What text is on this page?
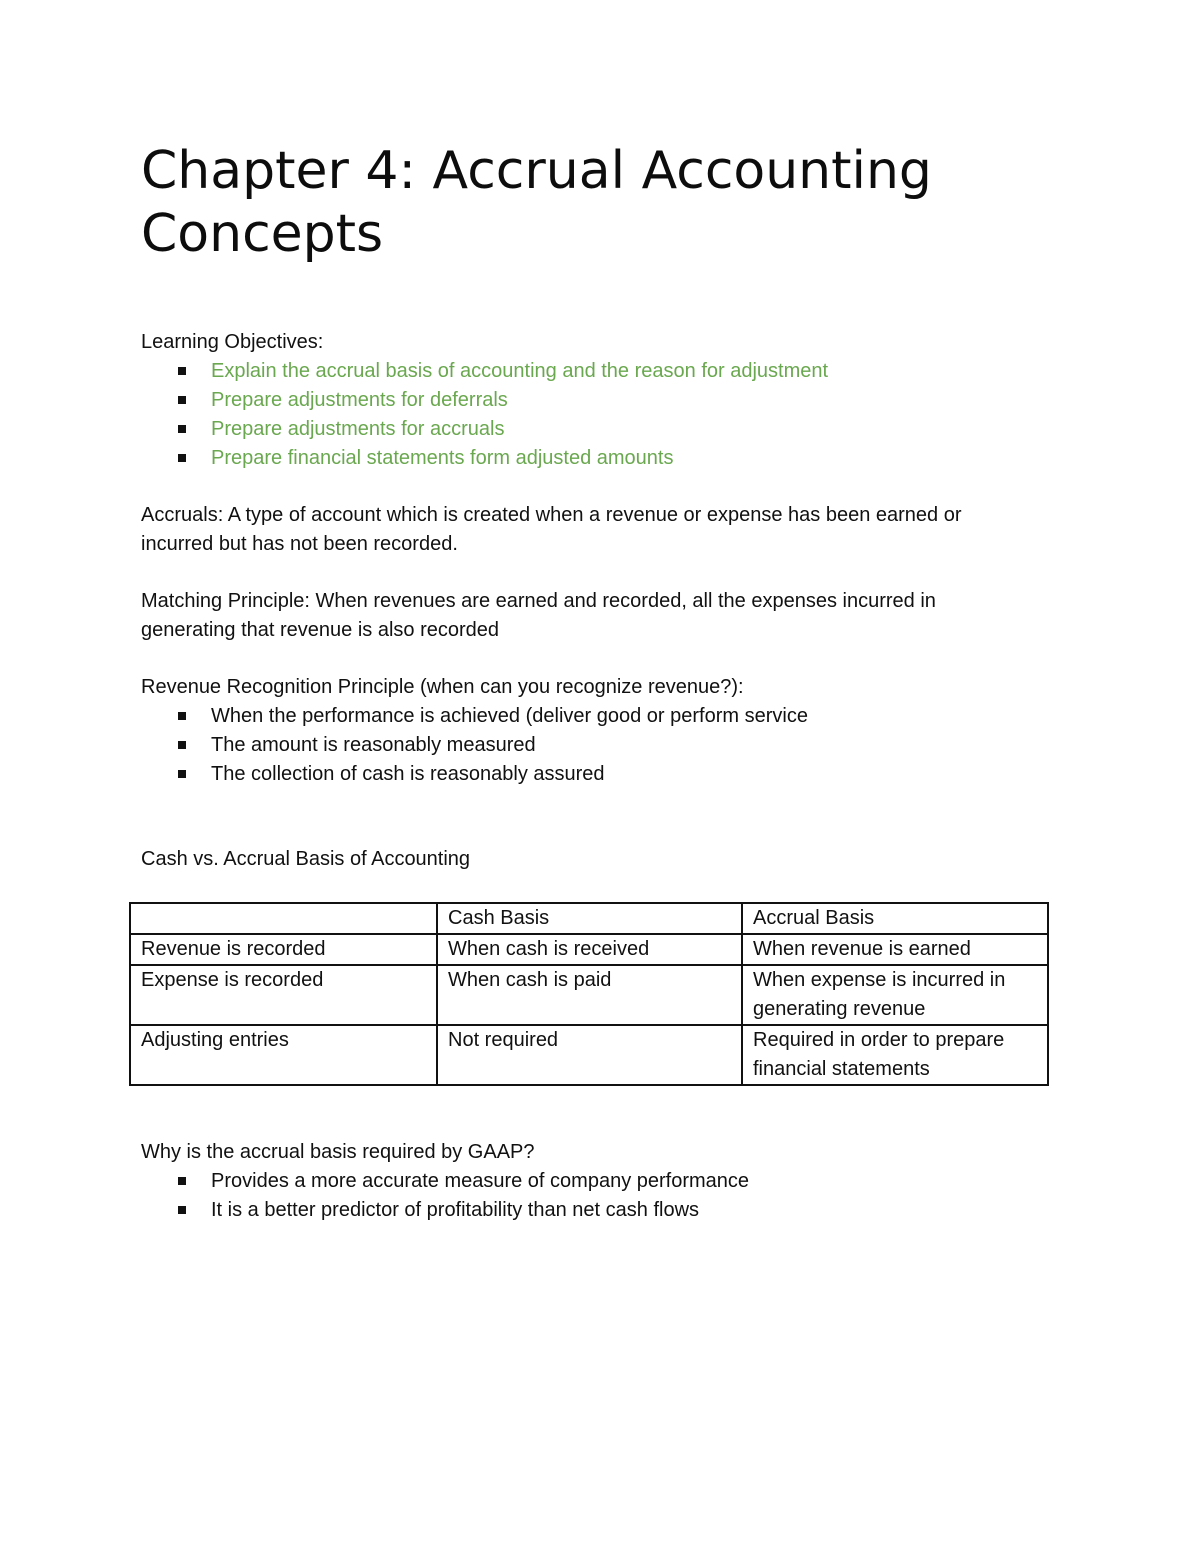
Chapter 4: Accrual Accounting Concepts

Learning Objectives:

Explain the accrual basis of accounting and the reason for adjustment
Prepare adjustments for deferrals
Prepare adjustments for accruals
Prepare financial statements form adjusted amounts

Accruals: A type of account which is created when a revenue or expense has been earned or

incurred but has not been recorded.

Matching Principle: When revenues are earned and recorded, all the expenses incurred in

generating that revenue is also recorded

Revenue Recognition Principle (when can you recognize revenue?):

When the performance is achieved (deliver good or perform service
The amount is reasonably measured
The collection of cash is reasonably assured

Cash vs. Accrual Basis of Accounting

	Cash Basis	Accrual Basis
Revenue is recorded	When cash is received	When revenue is earned
Expense is recorded	When cash is paid	When expense is incurred in generating revenue
Adjusting entries	Not required	Required in order to prepare financial statements

Why is the accrual basis required by GAAP?

Provides a more accurate measure of company performance
It is a better predictor of profitability than net cash flows
